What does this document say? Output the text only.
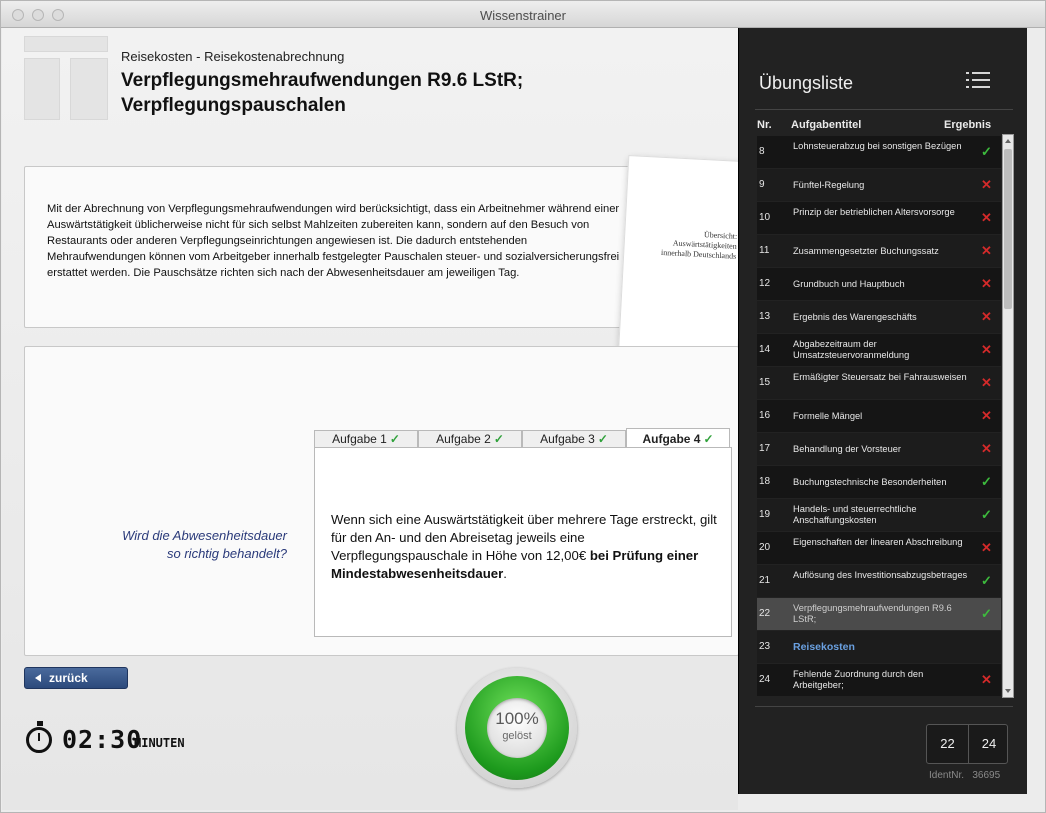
Wissenstrainer
Reisekosten - Reisekostenabrechnung
Verpflegungsmehraufwendungen R9.6 LStR; Verpflegungspauschalen
Mit der Abrechnung von Verpflegungsmehraufwendungen wird berücksichtigt, dass ein Arbeitnehmer während einer Auswärtstätigkeit üblicherweise nicht für sich selbst Mahlzeiten zubereiten kann, sondern auf den Besuch von Restaurants oder anderen Verpflegungseinrichtungen angewiesen ist. Die dadurch entstehenden Mehraufwendungen können vom Arbeitgeber innerhalb festgelegter Pauschalen steuer- und sozialversicherungsfrei erstattet werden. Die Pauschsätze richten sich nach der Abwesenheitsdauer am jeweiligen Tag.
Übersicht:
Auswärtstätigkeiten
innerhalb Deutschlands
Wird die Abwesenheitsdauer
so richtig behandelt?
Aufgabe 1 ✓	Aufgabe 2 ✓	Aufgabe 3 ✓	Aufgabe 4 ✓
Wenn sich eine Auswärtstätigkeit über mehrere Tage erstreckt, gilt für den An- und den Abreisetag jeweils eine Verpflegungspauschale in Höhe von 12,00€ bei Prüfung einer Mindestabwesenheitsdauer.
zurück
02:30
MINUTEN
100%
gelöst
Übungsliste
Nr. Aufgabentitel	Ergebnis
8	Lohnsteuerabzug bei sonstigen Bezügen	✓
9	Fünftel-Regelung	✕
10 Prinzip der betrieblichen Altersvorsorge	✕
11	Zusammengesetzter Buchungssatz	✕
12 Grundbuch und Hauptbuch	✕
13 Ergebnis des Warengeschäfts	✕
14 Abgabezeitraum der Umsatzsteuervoranmeldung	✕
15 Ermäßigter Steuersatz bei Fahrausweisen	✕
16 Formelle Mängel	✕
17 Behandlung der Vorsteuer	✕
18 Buchungstechnische Besonderheiten	✓
19 Handels- und steuerrechtliche Anschaffungskosten	✓
20 Eigenschaften der linearen Abschreibung	✕
21 Auflösung des Investitionsabzugsbetrages ✓
22 Verpflegungsmehraufwendungen R9.6 LStR;	✓
23 Reisekosten
24 Fehlende Zuordnung durch den Arbeitgeber;	✕
22	24
IdentNr. 36695
